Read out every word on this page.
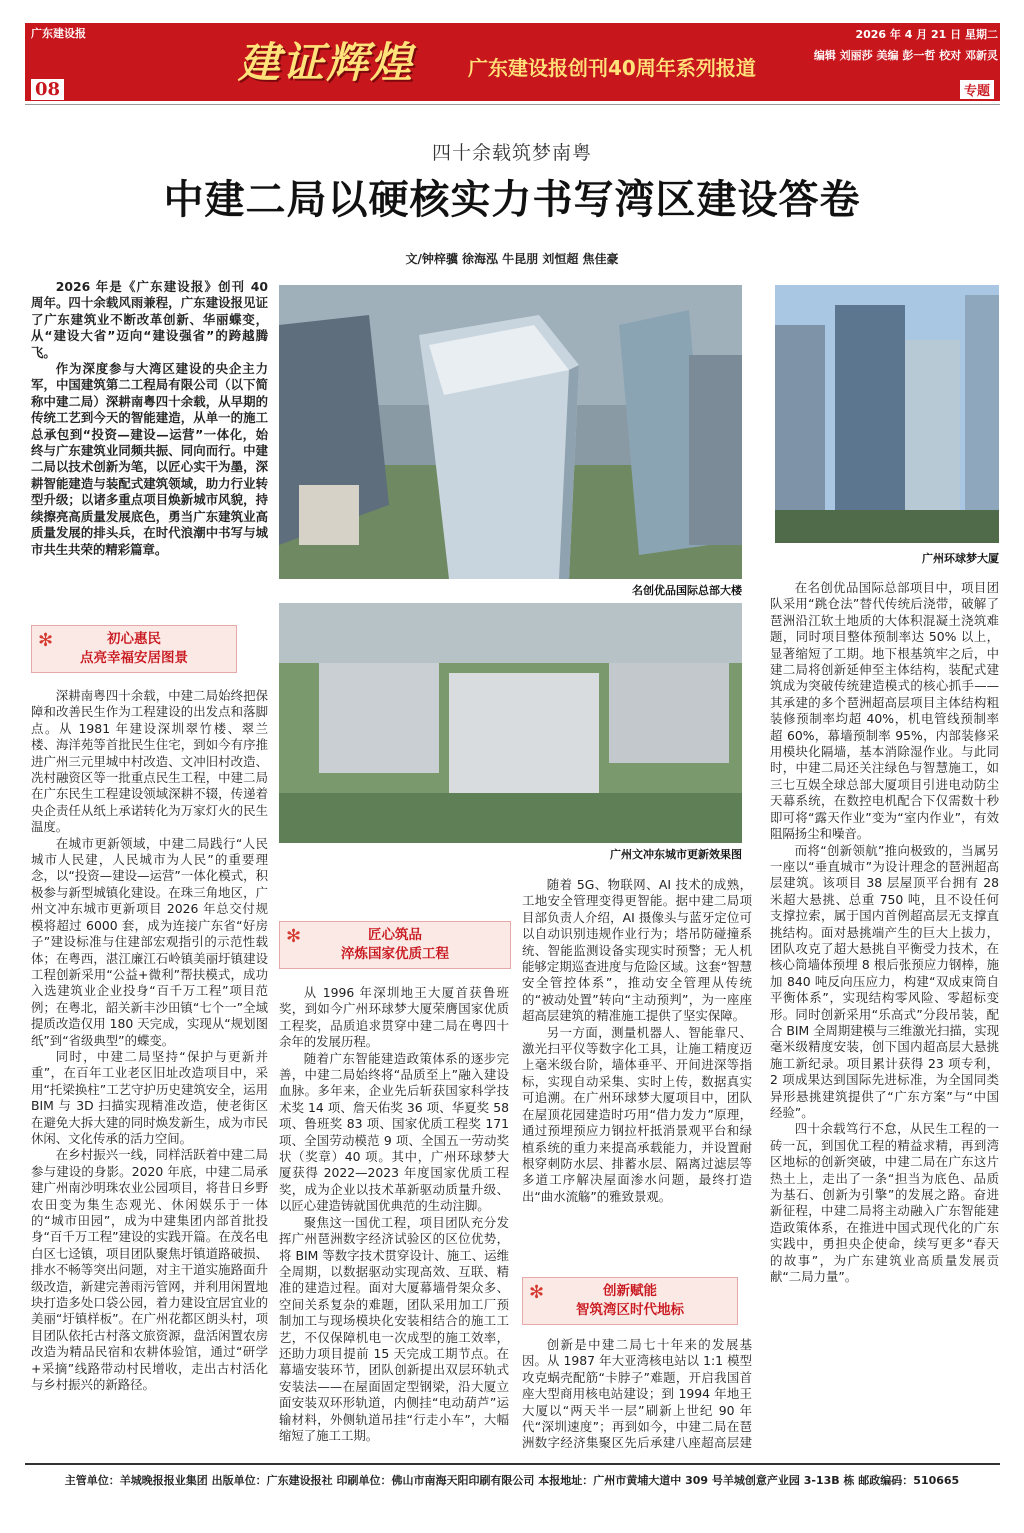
广东建设报	2026 年 4 月 21 日 星期二
建证辉煌	广东建设报创刊40周年系列报道
编辑 刘丽莎 美编 彭一哲 校对 邓新灵
08	专题
四十余载筑梦南粤
中建二局以硬核实力书写湾区建设答卷
文/钟梓骥 徐海泓 牛昆朋 刘恒超 焦佳豪

2026 年是《广东建设报》创刊 40 周年。四十余载风雨兼程，广东建设报见证了广东建筑业不断改革创新、华丽蝶变，从“建设大省”迈向“建设强省”的跨越腾飞。

作为深度参与大湾区建设的央企主力军，中国建筑第二工程局有限公司（以下简称中建二局）深耕南粤四十余载，从早期的传统工艺到今天的智能建造，从单一的施工总承包到“投资—建设—运营”一体化，始终与广东建筑业同频共振、同向而行。中建二局以技术创新为笔，以匠心实干为墨，深耕智能建造与装配式建筑领域，助力行业转型升级；以诸多重点项目焕新城市风貌，持续擦亮高质量发展底色，勇当广东建筑业高质量发展的排头兵，在时代浪潮中书写与城市共生共荣的精彩篇章。

名创优品国际总部大楼
广州环球梦大厦
广州文冲东城市更新效果图
✻	初心惠民
点亮幸福安居图景

深耕南粤四十余载，中建二局始终把保障和改善民生作为工程建设的出发点和落脚点。从 1981 年建设深圳翠竹楼、翠兰楼、海洋苑等首批民生住宅，到如今有序推进广州三元里城中村改造、文冲旧村改造、冼村融资区等一批重点民生工程，中建二局在广东民生工程建设领域深耕不辍，传递着央企责任从纸上承诺转化为万家灯火的民生温度。

在城市更新领域，中建二局践行“人民城市人民建，人民城市为人民”的重要理念，以“投资—建设—运营”一体化模式，积极参与新型城镇化建设。在珠三角地区，广州文冲东城市更新项目 2026 年总交付规模将超过 6000 套，成为连接广东省“好房子”建设标准与住建部宏观指引的示范性载体；在粤西，湛江廉江石岭镇美丽圩镇建设工程创新采用“公益+微利”帮扶模式，成功入选建筑业企业投身“百千万工程”项目范例；在粤北，韶关新丰沙田镇“七个一”全域提质改造仅用 180 天完成，实现从“规划图纸”到“省级典型”的蝶变。

同时，中建二局坚持“保护与更新并重”，在百年工业老区旧址改造项目中，采用“托梁换柱”工艺守护历史建筑安全，运用 BIM 与 3D 扫描实现精准改造，使老街区在避免大拆大建的同时焕发新生，成为市民休闲、文化传承的活力空间。

在乡村振兴一线，同样活跃着中建二局参与建设的身影。2020 年底，中建二局承建广州南沙明珠农业公园项目，将昔日乡野农田变为集生态观光、休闲娱乐于一体的“城市田园”，成为中建集团内部首批投身“百千万工程”建设的实践开篇。在茂名电白区七迳镇，项目团队聚焦圩镇道路破损、排水不畅等突出问题，对主干道实施路面升级改造，新建完善雨污管网，并利用闲置地块打造多处口袋公园，着力建设宜居宜业的美丽“圩镇样板”。在广州花都区朗头村，项目团队依托古村落文旅资源，盘活闲置农房改造为精品民宿和农耕体验馆，通过“研学+采摘”线路带动村民增收，走出古村活化与乡村振兴的新路径。

✻	匠心筑品
淬炼国家优质工程

从 1996 年深圳地王大厦首获鲁班奖，到如今广州环球梦大厦荣膺国家优质工程奖，品质追求贯穿中建二局在粤四十余年的发展历程。

随着广东智能建造政策体系的逐步完善，中建二局始终将“品质至上”融入建设血脉。多年来，企业先后斩获国家科学技术奖 14 项、詹天佑奖 36 项、华夏奖 58 项、鲁班奖 83 项、国家优质工程奖 171 项、全国劳动模范 9 项、全国五一劳动奖状（奖章）40 项。其中，广州环球梦大厦获得 2022—2023 年度国家优质工程奖，成为企业以技术革新驱动质量升级、以匠心建造铸就国优典范的生动注脚。

聚焦这一国优工程，项目团队充分发挥广州琶洲数字经济试验区的区位优势，将 BIM 等数字技术贯穿设计、施工、运维全周期，以数据驱动实现高效、互联、精准的建造过程。面对大厦幕墙骨架众多、空间关系复杂的难题，团队采用加工厂预制加工与现场模块化安装相结合的施工工艺，不仅保障机电一次成型的施工效率，还助力项目提前 15 天完成工期节点。在幕墙安装环节，团队创新提出双层环轨式安装法——在屋面固定型钢梁，沿大厦立面安装双环形轨道，内侧挂“电动葫芦”运输材料，外侧轨道吊挂“行走小车”，大幅缩短了施工工期。

随着 5G、物联网、AI 技术的成熟，工地安全管理变得更智能。据中建二局项目部负责人介绍，AI 摄像头与蓝牙定位可以自动识别违规作业行为；塔吊防碰撞系统、智能监测设备实现实时预警；无人机能够定期巡查进度与危险区域。这套“智慧安全管控体系”，推动安全管理从传统的“被动处置”转向“主动预判”，为一座座超高层建筑的精准施工提供了坚实保障。

另一方面，测量机器人、智能靠尺、激光扫平仪等数字化工具，让施工精度迈上毫米级台阶，墙体垂平、开间进深等指标，实现自动采集、实时上传，数据真实可追溯。在广州环球梦大厦项目中，团队在屋顶花园建造时巧用“借力发力”原理，通过预埋预应力钢拉杆抵消景观平台和绿植系统的重力来提高承载能力，并设置耐根穿刺防水层、排蓄水层、隔离过滤层等多道工序解决屋面渗水问题，最终打造出“曲水流觞”的雅致景观。

✻	创新赋能
智筑湾区时代地标

创新是中建二局七十年来的发展基因。从 1987 年大亚湾核电站以 1:1 模型攻克蜗壳配筋“卡脖子”难题，开启我国首座大型商用核电站建设；到 1994 年地王大厦以“两天半一层”刷新上世纪 90 年代“深圳速度”；再到如今，中建二局在琶洲数字经济集聚区先后承建八座超高层建

在名创优品国际总部项目中，项目团队采用“跳仓法”替代传统后浇带，破解了琶洲沿江软土地质的大体积混凝土浇筑难题，同时项目整体预制率达 50% 以上，显著缩短了工期。地下根基筑牢之后，中建二局将创新延伸至主体结构，装配式建筑成为突破传统建造模式的核心抓手——其承建的多个琶洲超高层项目主体结构粗装修预制率均超 40%，机电管线预制率超 60%，幕墙预制率 95%，内部装修采用模块化隔墙，基本消除湿作业。与此同时，中建二局还关注绿色与智慧施工，如三七互娱全球总部大厦项目引进电动防尘天幕系统，在数控电机配合下仅需数十秒即可将“露天作业”变为“室内作业”，有效阻隔扬尘和噪音。

而将“创新领航”推向极致的，当属另一座以“垂直城市”为设计理念的琶洲超高层建筑。该项目 38 层屋顶平台拥有 28 米超大悬挑、总重 750 吨，且不设任何支撑拉索，属于国内首例超高层无支撑直挑结构。面对悬挑端产生的巨大上拔力，团队攻克了超大悬挑自平衡受力技术，在核心筒墙体预埋 8 根后张预应力钢棒，施加 840 吨反向压应力，构建“双成束筒自平衡体系”，实现结构零风险、零超标变形。同时创新采用“乐高式”分段吊装，配合 BIM 全周期建模与三维激光扫描，实现毫米级精度安装，创下国内超高层大悬挑施工新纪录。项目累计获得 23 项专利，2 项成果达到国际先进标准，为全国同类异形悬挑建筑提供了“广东方案”与“中国经验”。

四十余载笃行不怠，从民生工程的一砖一瓦，到国优工程的精益求精，再到湾区地标的创新突破，中建二局在广东这片热土上，走出了一条“担当为底色、品质为基石、创新为引擎”的发展之路。奋进新征程，中建二局将主动融入广东智能建造政策体系，在推进中国式现代化的广东实践中，勇担央企使命，续写更多“春天的故事”，为广东建筑业高质量发展贡献“二局力量”。

主管单位：羊城晚报报业集团 出版单位：广东建设报社 印刷单位：佛山市南海天阳印刷有限公司 本报地址：广州市黄埔大道中 309 号羊城创意产业园 3-13B 栋 邮政编码：510665
